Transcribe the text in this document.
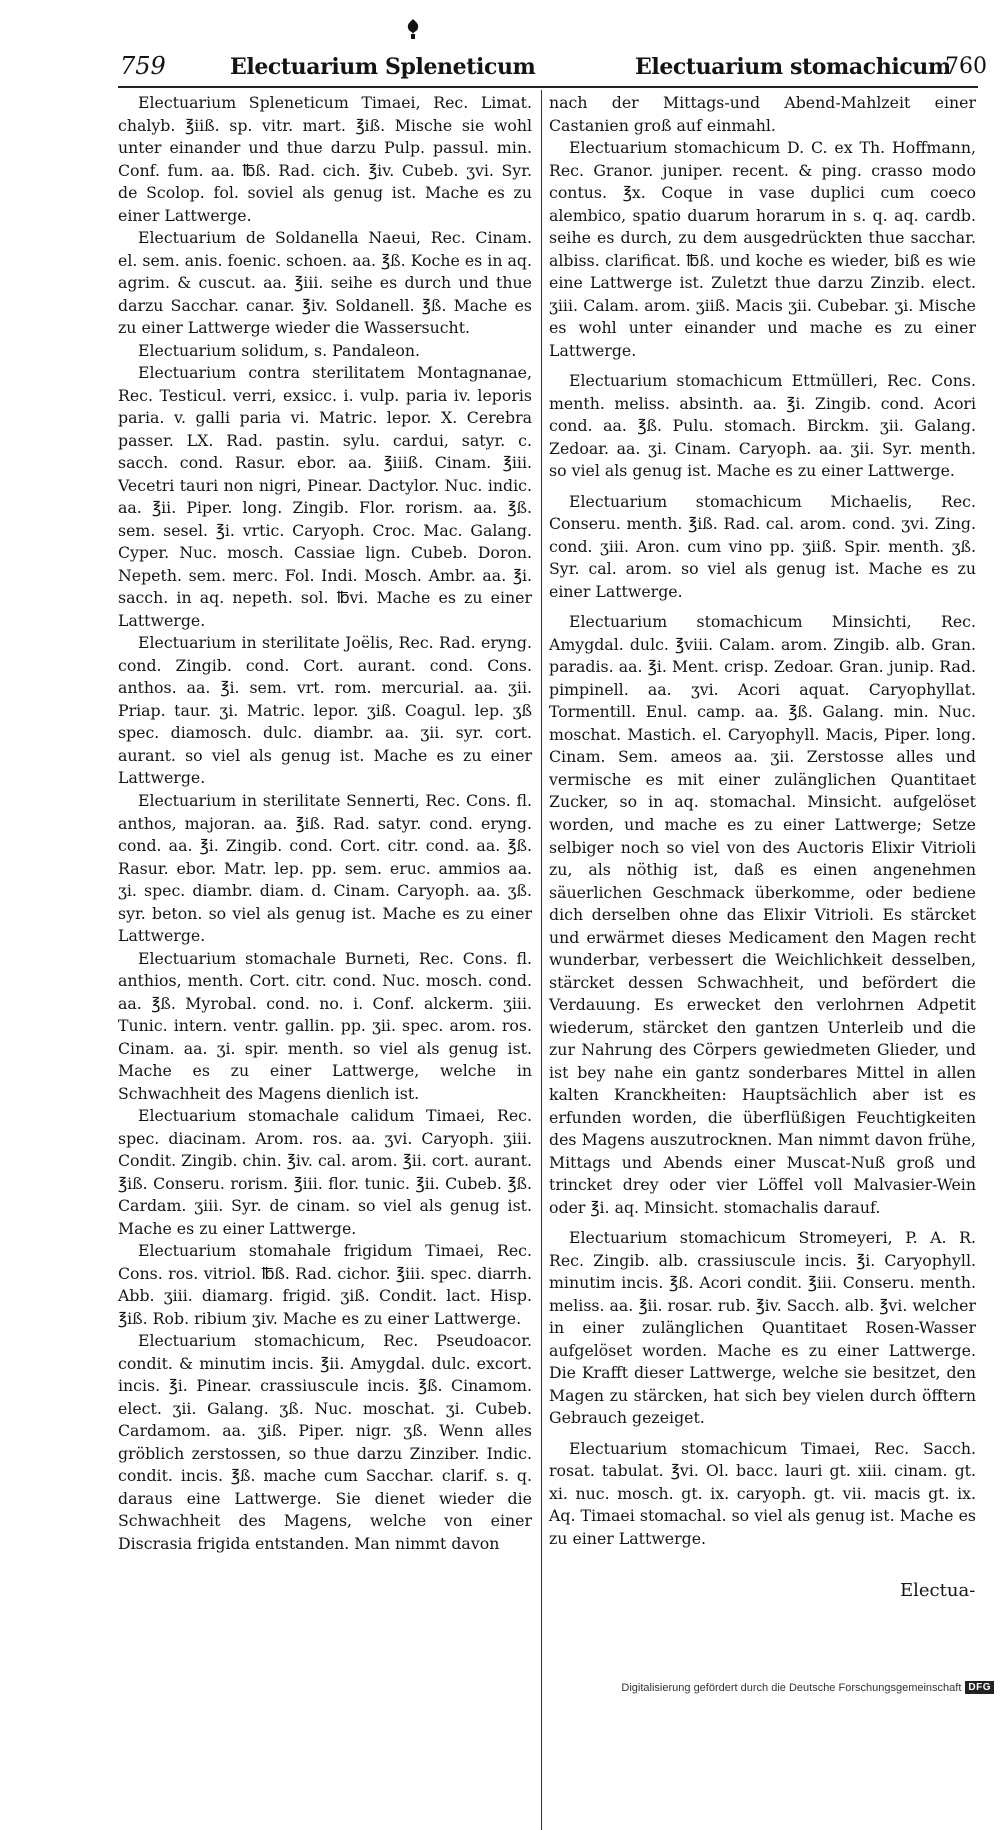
759	Electuarium Spleneticum	Electuarium stomachicum
760

Electuarium Spleneticum Timaei, Rec. Limat. chalyb. ℥iiß. sp. vitr. mart. ℥iß. Mische sie wohl unter einander und thue darzu Pulp. passul. min. Conf. fum. aa. ℔ß. Rad. cich. ℥iv. Cubeb. ʒvi. Syr. de Scolop. fol. soviel als genug ist. Mache es zu einer Lattwerge.

Electuarium de Soldanella Naeui, Rec. Cinam. el. sem. anis. foenic. schoen. aa. ℥ß. Koche es in aq. agrim. & cuscut. aa. ℥iii. seihe es durch und thue darzu Sacchar. canar. ℥iv. Soldanell. ℥ß. Mache es zu einer Lattwerge wieder die Wassersucht.

Electuarium solidum, s. Pandaleon.

Electuarium contra sterilitatem Montagnanae, Rec. Testicul. verri, exsicc. i. vulp. paria iv. leporis paria. v. galli paria vi. Matric. lepor. X. Cerebra passer. LX. Rad. pastin. sylu. cardui, satyr. c. sacch. cond. Rasur. ebor. aa. ℥iiiß. Cinam. ℥iii. Vecetri tauri non nigri, Pinear. Dactylor. Nuc. indic. aa. ℥ii. Piper. long. Zingib. Flor. rorism. aa. ℥ß. sem. sesel. ℥i. vrtic. Caryoph. Croc. Mac. Galang. Cyper. Nuc. mosch. Cassiae lign. Cubeb. Doron. Nepeth. sem. merc. Fol. Indi. Mosch. Ambr. aa. ℥i. sacch. in aq. nepeth. sol. ℔vi. Mache es zu einer Lattwerge.

Electuarium in sterilitate Joëlis, Rec. Rad. eryng. cond. Zingib. cond. Cort. aurant. cond. Cons. anthos. aa. ℥i. sem. vrt. rom. mercurial. aa. ʒii. Priap. taur. ʒi. Matric. lepor. ʒiß. Coagul. lep. ʒß spec. diamosch. dulc. diambr. aa. ʒii. syr. cort. aurant. so viel als genug ist. Mache es zu einer Lattwerge.

Electuarium in sterilitate Sennerti, Rec. Cons. fl. anthos, majoran. aa. ℥iß. Rad. satyr. cond. eryng. cond. aa. ℥i. Zingib. cond. Cort. citr. cond. aa. ℥ß. Rasur. ebor. Matr. lep. pp. sem. eruc. ammios aa. ʒi. spec. diambr. diam. d. Cinam. Caryoph. aa. ʒß. syr. beton. so viel als genug ist. Mache es zu einer Lattwerge.

Electuarium stomachale Burneti, Rec. Cons. fl. anthios, menth. Cort. citr. cond. Nuc. mosch. cond. aa. ℥ß. Myrobal. cond. no. i. Conf. alckerm. ʒiii. Tunic. intern. ventr. gallin. pp. ʒii. spec. arom. ros. Cinam. aa. ʒi. spir. menth. so viel als genug ist. Mache es zu einer Lattwerge, welche in Schwachheit des Magens dienlich ist.

Electuarium stomachale calidum Timaei, Rec. spec. diacinam. Arom. ros. aa. ʒvi. Caryoph. ʒiii. Condit. Zingib. chin. ℥iv. cal. arom. ℥ii. cort. aurant. ℥iß. Conseru. rorism. ℥iii. flor. tunic. ℥ii. Cubeb. ℥ß. Cardam. ʒiii. Syr. de cinam. so viel als genug ist. Mache es zu einer Lattwerge.

Electuarium stomahale frigidum Timaei, Rec. Cons. ros. vitriol. ℔ß. Rad. cichor. ℥iii. spec. diarrh. Abb. ʒiii. diamarg. frigid. ʒiß. Condit. lact. Hisp. ℥iß. Rob. ribium ʒiv. Mache es zu einer Lattwerge.

Electuarium stomachicum, Rec. Pseudoacor. condit. & minutim incis. ℥ii. Amygdal. dulc. excort. incis. ℥i. Pinear. crassiuscule incis. ℥ß. Cinamom. elect. ʒii. Galang. ʒß. Nuc. moschat. ʒi. Cubeb. Cardamom. aa. ʒiß. Piper. nigr. ʒß. Wenn alles gröblich zerstossen, so thue darzu Zinziber. Indic. condit. incis. ℥ß. mache cum Sacchar. clarif. s. q. daraus eine Lattwerge. Sie dienet wieder die Schwachheit des Magens, welche von einer Discrasia frigida entstanden. Man nimmt davon

nach der Mittags-und Abend-Mahlzeit einer Castanien groß auf einmahl.

Electuarium stomachicum D. C. ex Th. Hoffmann, Rec. Granor. juniper. recent. & ping. crasso modo contus. ℥x. Coque in vase duplici cum coeco alembico, spatio duarum horarum in s. q. aq. cardb. seihe es durch, zu dem ausgedrückten thue sacchar. albiss. clarificat. ℔ß. und koche es wieder, biß es wie eine Lattwerge ist. Zuletzt thue darzu Zinzib. elect. ʒiii. Calam. arom. ʒiiß. Macis ʒii. Cubebar. ʒi. Mische es wohl unter einander und mache es zu einer Lattwerge.

Electuarium stomachicum Ettmülleri, Rec. Cons. menth. meliss. absinth. aa. ℥i. Zingib. cond. Acori cond. aa. ℥ß. Pulu. stomach. Birckm. ʒii. Galang. Zedoar. aa. ʒi. Cinam. Caryoph. aa. ʒii. Syr. menth. so viel als genug ist. Mache es zu einer Lattwerge.

Electuarium stomachicum Michaelis, Rec. Conseru. menth. ℥iß. Rad. cal. arom. cond. ʒvi. Zing. cond. ʒiii. Aron. cum vino pp. ʒiiß. Spir. menth. ʒß. Syr. cal. arom. so viel als genug ist. Mache es zu einer Lattwerge.

Electuarium stomachicum Minsichti, Rec. Amygdal. dulc. ℥viii. Calam. arom. Zingib. alb. Gran. paradis. aa. ℥i. Ment. crisp. Zedoar. Gran. junip. Rad. pimpinell. aa. ʒvi. Acori aquat. Caryophyllat. Tormentill. Enul. camp. aa. ℥ß. Galang. min. Nuc. moschat. Mastich. el. Caryophyll. Macis, Piper. long. Cinam. Sem. ameos aa. ʒii. Zerstosse alles und vermische es mit einer zulänglichen Quantitaet Zucker, so in aq. stomachal. Minsicht. aufgelöset worden, und mache es zu einer Lattwerge; Setze selbiger noch so viel von des Auctoris Elixir Vitrioli zu, als nöthig ist, daß es einen angenehmen säuerlichen Geschmack überkomme, oder bediene dich derselben ohne das Elixir Vitrioli. Es stärcket und erwärmet dieses Medicament den Magen recht wunderbar, verbessert die Weichlichkeit desselben, stärcket dessen Schwachheit, und befördert die Verdauung. Es erwecket den verlohrnen Adpetit wiederum, stärcket den gantzen Unterleib und die zur Nahrung des Cörpers gewiedmeten Glieder, und ist bey nahe ein gantz sonderbares Mittel in allen kalten Kranckheiten: Hauptsächlich aber ist es erfunden worden, die überflüßigen Feuchtigkeiten des Magens auszutrocknen. Man nimmt davon frühe, Mittags und Abends einer Muscat-Nuß groß und trincket drey oder vier Löffel voll Malvasier-Wein oder ℥i. aq. Minsicht. stomachalis darauf.

Electuarium stomachicum Stromeyeri, P. A. R. Rec. Zingib. alb. crassiuscule incis. ℥i. Caryophyll. minutim incis. ℥ß. Acori condit. ℥iii. Conseru. menth. meliss. aa. ℥ii. rosar. rub. ℥iv. Sacch. alb. ℥vi. welcher in einer zulänglichen Quantitaet Rosen-Wasser aufgelöset worden. Mache es zu einer Lattwerge. Die Krafft dieser Lattwerge, welche sie besitzet, den Magen zu stärcken, hat sich bey vielen durch öfftern Gebrauch gezeiget.

Electuarium stomachicum Timaei, Rec. Sacch. rosat. tabulat. ℥vi. Ol. bacc. lauri gt. xiii. cinam. gt. xi. nuc. mosch. gt. ix. caryoph. gt. vii. macis gt. ix. Aq. Timaei stomachal. so viel als genug ist. Mache es zu einer Lattwerge.

Electua-
Digitalisierung gefördert durch die Deutsche Forschungsgemeinschaft DFG
